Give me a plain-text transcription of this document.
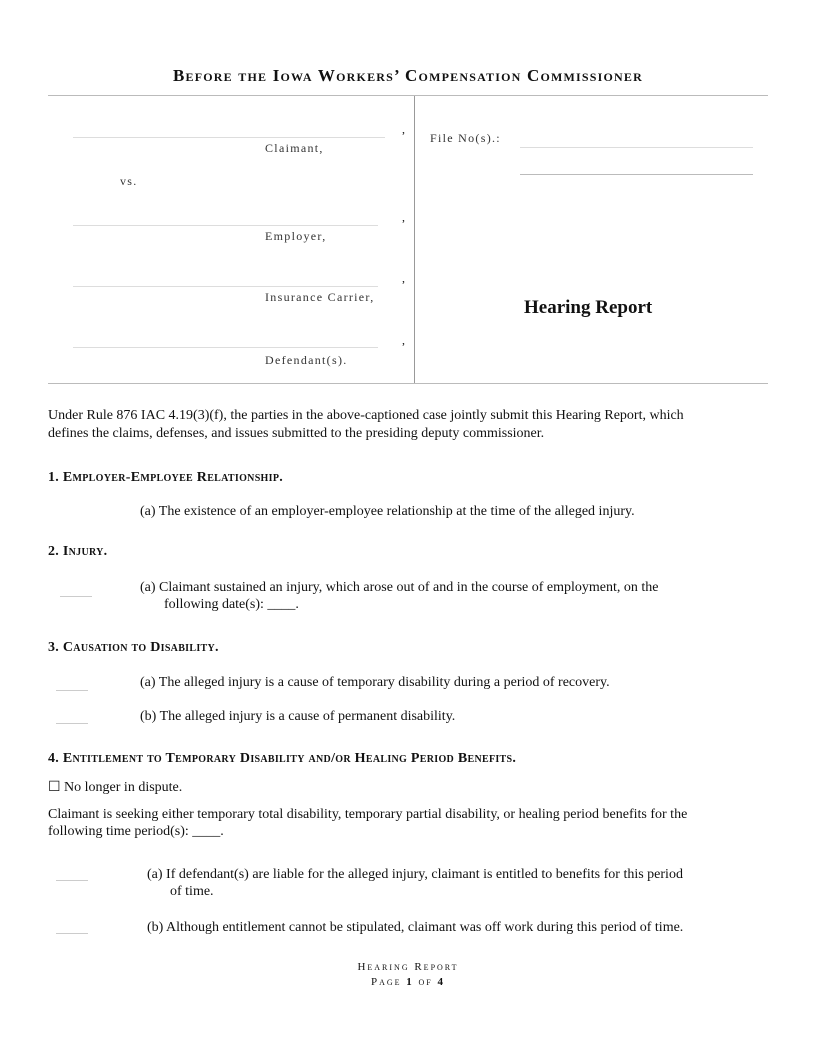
Before the Iowa Workers’ Compensation Commissioner
,
Claimant,
vs.
,
Employer,
,
Insurance Carrier,
,
Defendant(s).
File No(s).:
Hearing Report
Under Rule 876 IAC 4.19(3)(f), the parties in the above-captioned case jointly submit this Hearing Report, which
defines the claims, defenses, and issues submitted to the presiding deputy commissioner.
1. Employer-Employee Relationship.
(a) The existence of an employer-employee relationship at the time of the alleged injury.
2. Injury.
(a) Claimant sustained an injury, which arose out of and in the course of employment, on the
following date(s): ____.
3. Causation to Disability.
(a) The alleged injury is a cause of temporary disability during a period of recovery.
(b) The alleged injury is a cause of permanent disability.
4. Entitlement to Temporary Disability and/or Healing Period Benefits.
☐ No longer in dispute.
Claimant is seeking either temporary total disability, temporary partial disability, or healing period benefits for the
following time period(s): ____.
(a) If defendant(s) are liable for the alleged injury, claimant is entitled to benefits for this period
of time.
(b) Although entitlement cannot be stipulated, claimant was off work during this period of time.
Hearing Report
Page 1 of 4
